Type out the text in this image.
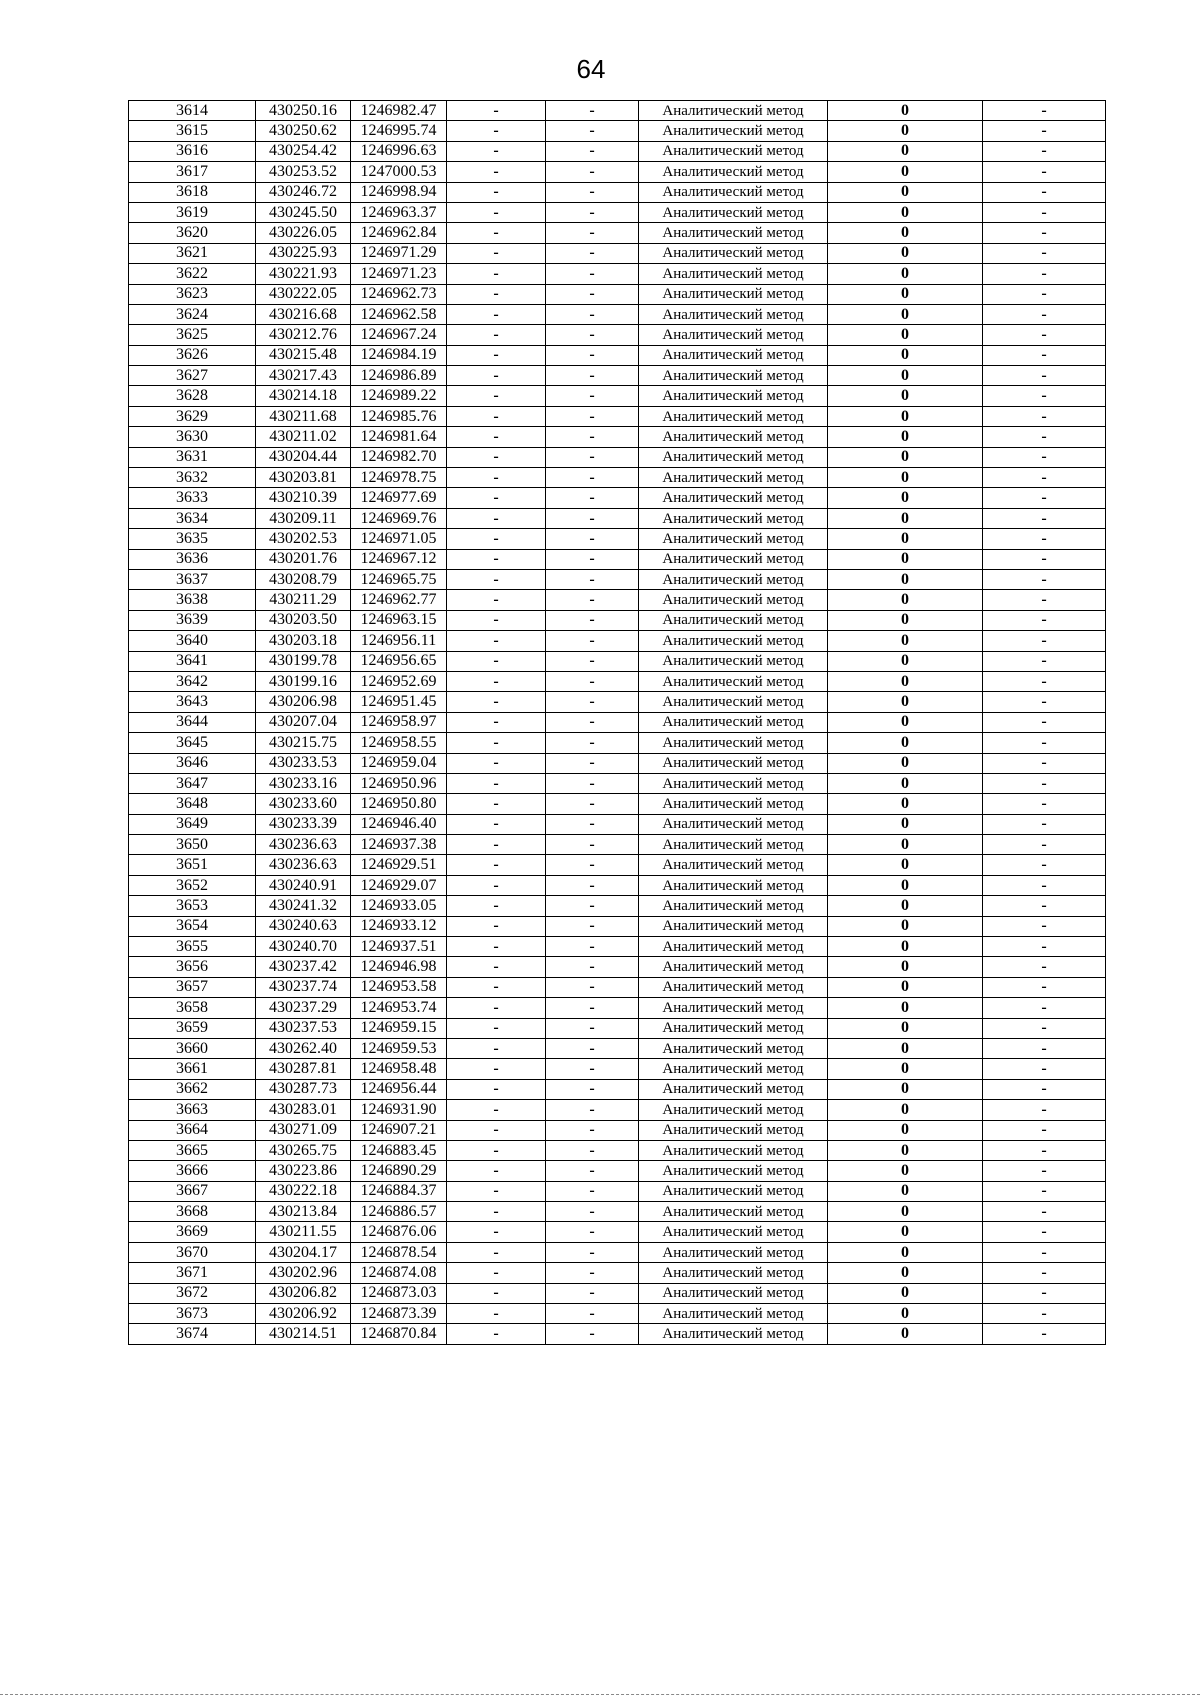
64
3614	430250.16	1246982.47	-	-	Аналитический метод	0	-
3615	430250.62	1246995.74	-	-	Аналитический метод	0	-
3616	430254.42	1246996.63	-	-	Аналитический метод	0	-
3617	430253.52	1247000.53	-	-	Аналитический метод	0	-
3618	430246.72	1246998.94	-	-	Аналитический метод	0	-
3619	430245.50	1246963.37	-	-	Аналитический метод	0	-
3620	430226.05	1246962.84	-	-	Аналитический метод	0	-
3621	430225.93	1246971.29	-	-	Аналитический метод	0	-
3622	430221.93	1246971.23	-	-	Аналитический метод	0	-
3623	430222.05	1246962.73	-	-	Аналитический метод	0	-
3624	430216.68	1246962.58	-	-	Аналитический метод	0	-
3625	430212.76	1246967.24	-	-	Аналитический метод	0	-
3626	430215.48	1246984.19	-	-	Аналитический метод	0	-
3627	430217.43	1246986.89	-	-	Аналитический метод	0	-
3628	430214.18	1246989.22	-	-	Аналитический метод	0	-
3629	430211.68	1246985.76	-	-	Аналитический метод	0	-
3630	430211.02	1246981.64	-	-	Аналитический метод	0	-
3631	430204.44	1246982.70	-	-	Аналитический метод	0	-
3632	430203.81	1246978.75	-	-	Аналитический метод	0	-
3633	430210.39	1246977.69	-	-	Аналитический метод	0	-
3634	430209.11	1246969.76	-	-	Аналитический метод	0	-
3635	430202.53	1246971.05	-	-	Аналитический метод	0	-
3636	430201.76	1246967.12	-	-	Аналитический метод	0	-
3637	430208.79	1246965.75	-	-	Аналитический метод	0	-
3638	430211.29	1246962.77	-	-	Аналитический метод	0	-
3639	430203.50	1246963.15	-	-	Аналитический метод	0	-
3640	430203.18	1246956.11	-	-	Аналитический метод	0	-
3641	430199.78	1246956.65	-	-	Аналитический метод	0	-
3642	430199.16	1246952.69	-	-	Аналитический метод	0	-
3643	430206.98	1246951.45	-	-	Аналитический метод	0	-
3644	430207.04	1246958.97	-	-	Аналитический метод	0	-
3645	430215.75	1246958.55	-	-	Аналитический метод	0	-
3646	430233.53	1246959.04	-	-	Аналитический метод	0	-
3647	430233.16	1246950.96	-	-	Аналитический метод	0	-
3648	430233.60	1246950.80	-	-	Аналитический метод	0	-
3649	430233.39	1246946.40	-	-	Аналитический метод	0	-
3650	430236.63	1246937.38	-	-	Аналитический метод	0	-
3651	430236.63	1246929.51	-	-	Аналитический метод	0	-
3652	430240.91	1246929.07	-	-	Аналитический метод	0	-
3653	430241.32	1246933.05	-	-	Аналитический метод	0	-
3654	430240.63	1246933.12	-	-	Аналитический метод	0	-
3655	430240.70	1246937.51	-	-	Аналитический метод	0	-
3656	430237.42	1246946.98	-	-	Аналитический метод	0	-
3657	430237.74	1246953.58	-	-	Аналитический метод	0	-
3658	430237.29	1246953.74	-	-	Аналитический метод	0	-
3659	430237.53	1246959.15	-	-	Аналитический метод	0	-
3660	430262.40	1246959.53	-	-	Аналитический метод	0	-
3661	430287.81	1246958.48	-	-	Аналитический метод	0	-
3662	430287.73	1246956.44	-	-	Аналитический метод	0	-
3663	430283.01	1246931.90	-	-	Аналитический метод	0	-
3664	430271.09	1246907.21	-	-	Аналитический метод	0	-
3665	430265.75	1246883.45	-	-	Аналитический метод	0	-
3666	430223.86	1246890.29	-	-	Аналитический метод	0	-
3667	430222.18	1246884.37	-	-	Аналитический метод	0	-
3668	430213.84	1246886.57	-	-	Аналитический метод	0	-
3669	430211.55	1246876.06	-	-	Аналитический метод	0	-
3670	430204.17	1246878.54	-	-	Аналитический метод	0	-
3671	430202.96	1246874.08	-	-	Аналитический метод	0	-
3672	430206.82	1246873.03	-	-	Аналитический метод	0	-
3673	430206.92	1246873.39	-	-	Аналитический метод	0	-
3674	430214.51	1246870.84	-	-	Аналитический метод	0	-
